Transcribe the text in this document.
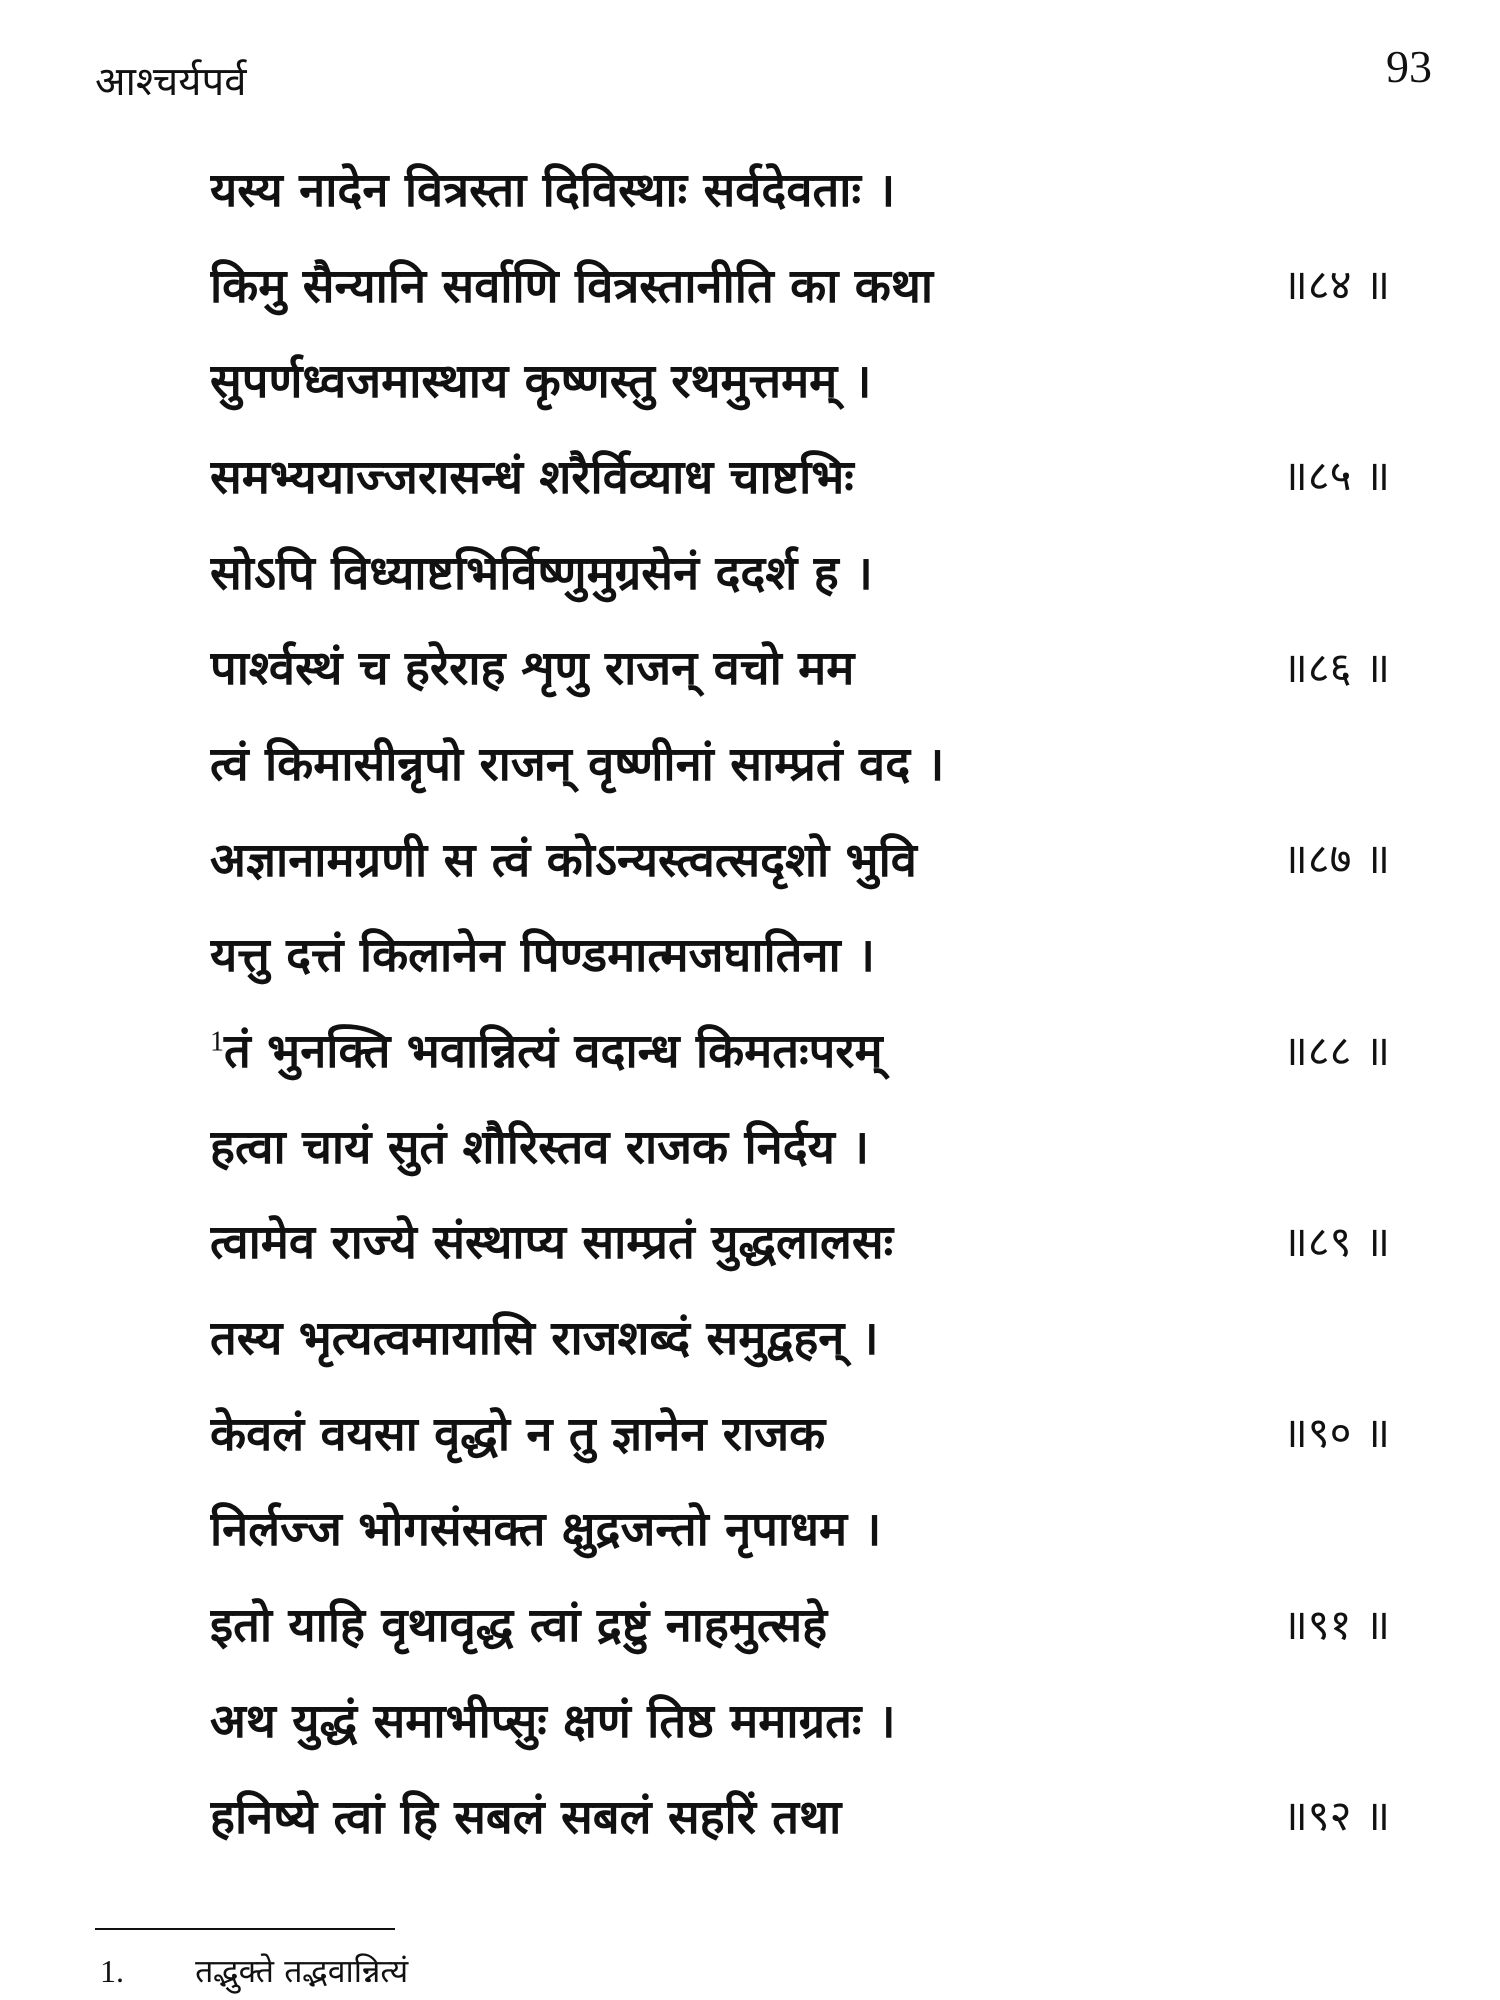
आश्चर्यपर्व	93
यस्य नादेन वित्रस्ता दिविस्थाः सर्वदेवताः ।
किमु सैन्यानि सर्वाणि वित्रस्तानीति का कथा	॥८४ ॥
सुपर्णध्वजमास्थाय कृष्णस्तु रथमुत्तमम् ।
समभ्ययाज्जरासन्धं शरैर्विव्याध चाष्टभिः	॥८५ ॥
सोऽपि विध्याष्टभिर्विष्णुमुग्रसेनं ददर्श ह ।
पार्श्वस्थं च हरेराह शृणु राजन् वचो मम	॥८६ ॥
त्वं किमासीन्नृपो राजन् वृष्णीनां साम्प्रतं वद ।
अज्ञानामग्रणी स त्वं कोऽन्यस्त्वत्सदृशो भुवि	॥८७ ॥
यत्तु दत्तं किलानेन पिण्डमात्मजघातिना ।
$^1$तं भुनक्ति भवान्नित्यं वदान्ध किमतःपरम्	॥८८ ॥
हत्वा चायं सुतं शौरिस्तव राजक निर्दय ।
त्वामेव राज्ये संस्थाप्य साम्प्रतं युद्धलालसः	॥८९ ॥
तस्य भृत्यत्वमायासि राजशब्दं समुद्वहन् ।
केवलं वयसा वृद्धो न तु ज्ञानेन राजक	॥९० ॥
निर्लज्ज भोगसंसक्त क्षुद्रजन्तो नृपाधम ।
इतो याहि वृथावृद्ध त्वां द्रष्टुं नाहमुत्सहे	॥९१ ॥
अथ युद्धं समाभीप्सुः क्षणं तिष्ठ ममाग्रतः ।
हनिष्ये त्वां हि सबलं सबलं सहरिं तथा	॥९२ ॥
1. तद्भुक्ते तद्भवान्नित्यं
